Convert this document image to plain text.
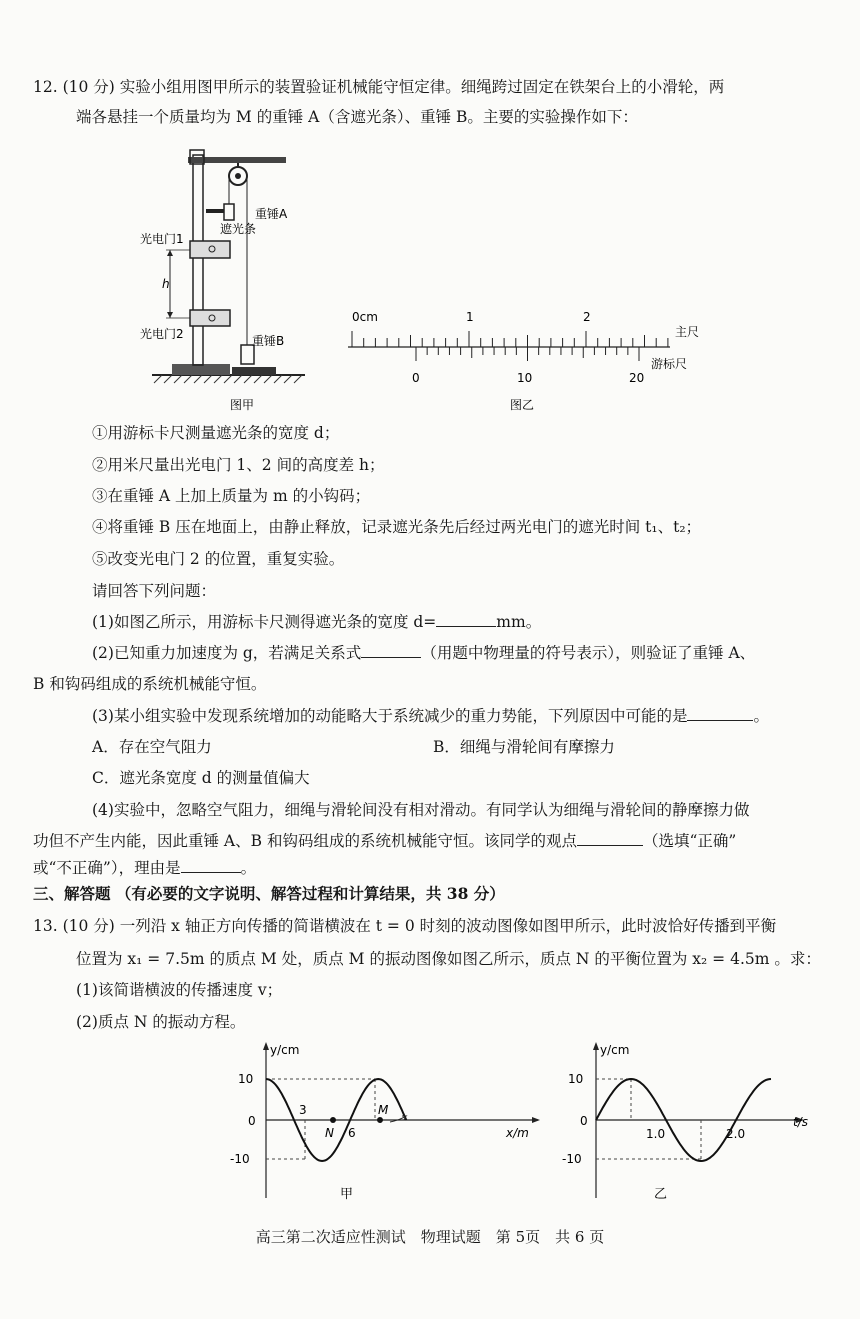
12. (10 分) 实验小组用图甲所示的装置验证机械能守恒定律。细绳跨过固定在铁架台上的小滑轮，两
端各悬挂一个质量均为 M 的重锤 A（含遮光条）、重锤 B。主要的实验操作如下：
重锤A
遮光条
光电门1
h
光电门2	重锤B
图甲
0cm	1	2
主尺
0	10	20
游标尺
图乙
①用游标卡尺测量遮光条的宽度 d；
②用米尺量出光电门 1、2 间的高度差 h；
③在重锤 A 上加上质量为 m 的小钩码；
④将重锤 B 压在地面上，由静止释放，记录遮光条先后经过两光电门的遮光时间 t₁、t₂；
⑤改变光电门 2 的位置，重复实验。
请回答下列问题：
(1)如图乙所示，用游标卡尺测得遮光条的宽度 d=	mm。
(2)已知重力加速度为 g，若满足关系式	（用题中物理量的符号表示），则验证了重锤 A、
B 和钩码组成的系统机械能守恒。
(3)某小组实验中发现系统增加的动能略大于系统减少的重力势能，下列原因中可能的是	。
A．存在空气阻力	B．细绳与滑轮间有摩擦力
C．遮光条宽度 d 的测量值偏大
(4)实验中，忽略空气阻力，细绳与滑轮间没有相对滑动。有同学认为细绳与滑轮间的静摩擦力做
功但不产生内能，因此重锤 A、B 和钩码组成的系统机械能守恒。该同学的观点	（选填“正确”
或“不正确”），理由是	。
三、解答题 （有必要的文字说明、解答过程和计算结果，共 38 分）
13. (10 分) 一列沿 x 轴正方向传播的简谐横波在 t = 0 时刻的波动图像如图甲所示，此时波恰好传播到平衡
位置为 x₁ = 7.5m 的质点 M 处，质点 M 的振动图像如图乙所示，质点 N 的平衡位置为 x₂ = 4.5m 。求：
(1)该简谐横波的传播速度 v；
(2)质点 N 的振动方程。
y/cm
x/m
10
0
-10
3
6
N
M
甲
y/cm
t/s
10
0
-10
1.0	2.0
乙
高三第二次适应性测试　物理试题　第 5页　共 6 页
